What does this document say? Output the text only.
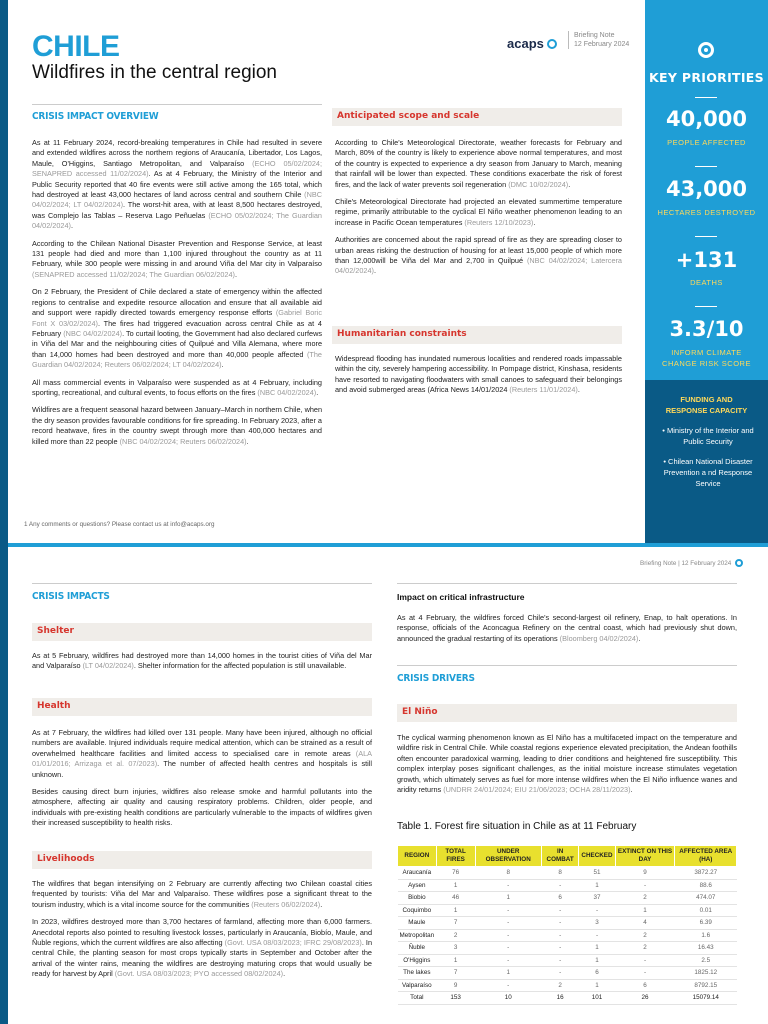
CHILE
Wildfires in the central region
acaps
Briefing Note
12 February 2024
CRISIS IMPACT OVERVIEW

As at 11 February 2024, record-breaking temperatures in Chile had resulted in severe and extended wildfires across the northern regions of Araucanía, Libertador, Los Lagos, Maule, O'Higgins, Santiago Metropolitan, and Valparaíso (ECHO 05/02/2024; SENAPRED accessed 11/02/2024). As at 4 February, the Ministry of the Interior and Public Security reported that 40 fire events were still active among the 165 total, which had destroyed at least 43,000 hectares of land across central and southern Chile (NBC 04/02/2024; LT 04/02/2024). The worst-hit area, with at least 8,500 hectares destroyed, was Complejo las Tablas – Reserva Lago Peñuelas (ECHO 05/02/2024; The Guardian 04/02/2024).

According to the Chilean National Disaster Prevention and Response Service, at least 131 people had died and more than 1,100 injured throughout the country as at 11 February, while 300 people were missing in and around Viña del Mar city in Valparaíso (SENAPRED accessed 11/02/2024; The Guardian 06/02/2024).

On 2 February, the President of Chile declared a state of emergency within the affected regions to centralise and expedite resource allocation and ensure that all available aid and support were rapidly directed towards emergency response efforts (Gabriel Boric Font X 03/02/2024). The fires had triggered evacuation across central Chile as at 4 February (NBC 04/02/2024). To curtail looting, the Government had also declared curfews in Viña del Mar and the neighbouring cities of Quilpué and Villa Alemana, where more than 14,000 homes had been destroyed and more than 40,000 people affected (The Guardian 04/02/2024; Reuters 06/02/2024; LT 04/02/2024).

All mass commercial events in Valparaíso were suspended as at 4 February, including sporting, recreational, and cultural events, to focus efforts on the fires (NBC 04/02/2024).

Wildfires are a frequent seasonal hazard between January–March in northern Chile, when the dry season provides favourable conditions for fire spreading. In February 2023, after a record heatwave, fires in the country swept through more than 400,000 hectares and killed more than 22 people (NBC 04/02/2024; Reuters 06/02/2024).

Anticipated scope and scale

According to Chile's Meteorological Directorate, weather forecasts for February and March, 80% of the country is likely to experience above normal temperatures, and most of the country is expected to experience a dry season from January to March, meaning that rainfall will be lower than expected. These conditions exacerbate the risk of forest fires, and the lack of water prevents soil regeneration (DMC 10/02/2024).

Chile's Meteorological Directorate had projected an elevated summertime temperature regime, primarily attributable to the cyclical El Niño weather phenomenon leading to an increase in Pacific Ocean temperatures (Reuters 12/10/2023).

Authorities are concerned about the rapid spread of fire as they are spreading closer to urban areas risking the destruction of housing for at least 15,000 people of which more than 12,000will be Viña del Mar and 2,700 in Quilpué (NBC 04/02/2024; Latercera 04/02/2024).

Humanitarian constraints

Widespread flooding has inundated numerous localities and rendered roads impassable within the city, severely hampering accessibility. In Pompage district, Kinshasa, residents have resorted to navigating floodwaters with small canoes to safeguard their belongings and avoid submerged areas (Africa News 14/01/2024 (Reuters 11/01/2024).

1 Any comments or questions? Please contact us at info@acaps.org
KEY PRIORITIES
40,000
PEOPLE AFFECTED
43,000
HECTARES DESTROYED
+131
DEATHS
3.3/10
INFORM CLIMATE CHANGE RISK SCORE
FUNDING AND RESPONSE CAPACITY
• Ministry of the Interior and Public Security
• Chilean National Disaster Prevention a nd Response Service
Briefing Note | 12 February 2024
CRISIS IMPACTS
Shelter

As at 5 February, wildfires had destroyed more than 14,000 homes in the tourist cities of Viña del Mar and Valparaíso (LT 04/02/2024). Shelter information for the affected population is still unavailable.

Health

As at 7 February, the wildfires had killed over 131 people. Many have been injured, although no official numbers are available. Injured individuals require medical attention, which can be strained as a result of overwhelmed healthcare facilities and limited access to specialised care in remote areas (ALA 01/01/2016; Arrizaga et al. 07/2023). The number of affected health centres and hospitals is still unknown.

Besides causing direct burn injuries, wildfires also release smoke and harmful pollutants into the atmosphere, affecting air quality and causing respiratory problems. Children, older people, and individuals with pre-existing health conditions are particularly vulnerable to the impacts of wildfires given their increased susceptibility to health risks.

Livelihoods

The wildfires that began intensifying on 2 February are currently affecting two Chilean coastal cities frequented by tourists: Viña del Mar and Valparaíso. These wildfires pose a significant threat to the tourism industry, which is a vital income source for the communities (Reuters 06/02/2024).

In 2023, wildfires destroyed more than 3,700 hectares of farmland, affecting more than 6,000 farmers. Anecdotal reports also pointed to resulting livestock losses, particularly in Araucanía, Biobío, Maule, and Ñuble regions, which the current wildfires are also affecting (Govt. USA 08/03/2023; IFRC 29/08/2023). In central Chile, the planting season for most crops typically starts in September and October after the arrival of the winter rains, meaning the wildfires are destroying maturing crops that would usually be ready for harvest by April (Govt. USA 08/03/2023; PYO accessed 08/02/2024).

Impact on critical infrastructure

As at 4 February, the wildfires forced Chile's second-largest oil refinery, Enap, to halt operations. In response, officials of the Aconcagua Refinery on the central coast, which had previously shut down, announced the gradual restarting of its operations (Bloomberg 04/02/2024).

CRISIS DRIVERS
El Niño

The cyclical warming phenomenon known as El Niño has a multifaceted impact on the temperature and wildfire risk in Central Chile. While coastal regions experience elevated precipitation, the Andean foothills often encounter paradoxical warming, leading to drier conditions and heightened fire susceptibility. This complex interplay poses significant challenges, as the initial moisture increase stimulates vegetation growth, which ultimately serves as fuel for more intense wildfires when the El Niño influence wanes and aridity returns (UNDRR 24/01/2024; EIU 21/06/2023; OCHA 28/11/2023).

Table 1. Forest fire situation in Chile as at 11 February
REGION	TOTAL FIRES	UNDER OBSERVATION	IN COMBAT	CHECKED	EXTINCT ON THIS DAY	AFFECTED AREA (HA)
Araucanía	76	8	8	51	9	3872.27
Aysen	1	-	-	1	-	88.6
Biobio	46	1	6	37	2	474.07
Coquimbo	1	-	-	-	1	0.01
Maule	7	-	-	3	4	6.39
Metropolitan	2	-	-	-	2	1.6
Ñuble	3	-	-	1	2	16.43
O'Higgins	1	-	-	1	-	2.5
The lakes	7	1	-	6	-	1825.12
Valparaíso	9	-	2	1	6	8792.15
Total	153	10	16	101	26	15079.14
